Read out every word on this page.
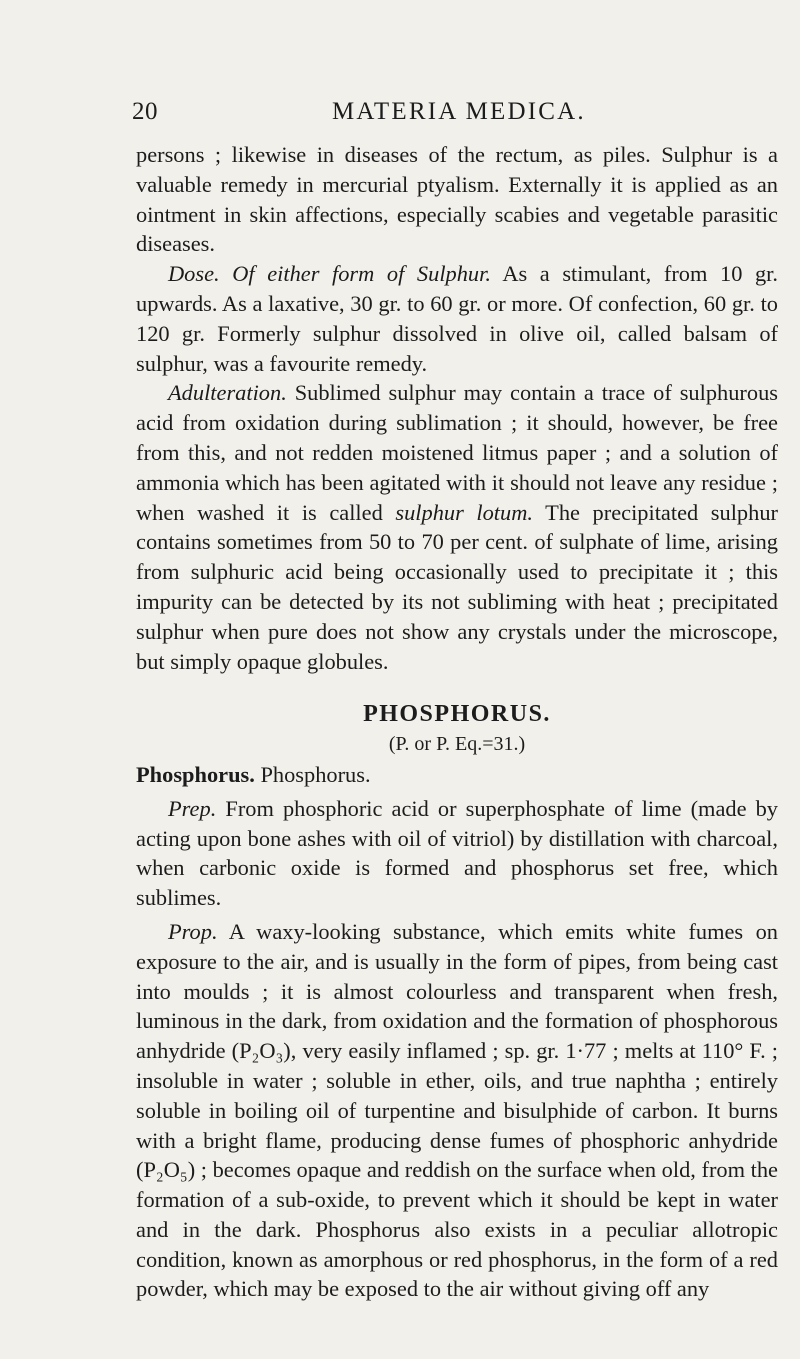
20	MATERIA MEDICA.

persons ; likewise in diseases of the rectum, as piles. Sulphur is a valuable remedy in mercurial ptyalism. Externally it is applied as an ointment in skin affections, especially scabies and vegetable parasitic diseases.

Dose. Of either form of Sulphur. As a stimulant, from 10 gr. upwards. As a laxative, 30 gr. to 60 gr. or more. Of confection, 60 gr. to 120 gr. Formerly sulphur dissolved in olive oil, called balsam of sulphur, was a favourite remedy.

Adulteration. Sublimed sulphur may contain a trace of sulphurous acid from oxidation during sublimation ; it should, however, be free from this, and not redden moistened litmus paper ; and a solution of ammonia which has been agitated with it should not leave any residue ; when washed it is called sulphur lotum. The precipitated sulphur contains sometimes from 50 to 70 per cent. of sulphate of lime, arising from sulphuric acid being occasionally used to precipitate it ; this impurity can be detected by its not subliming with heat ; precipitated sulphur when pure does not show any crystals under the microscope, but simply opaque globules.

PHOSPHORUS.

(P. or P. Eq.=31.)

Phosphorus. Phosphorus.

Prep. From phosphoric acid or superphosphate of lime (made by acting upon bone ashes with oil of vitriol) by distillation with charcoal, when carbonic oxide is formed and phosphorus set free, which sublimes.

Prop. A waxy-looking substance, which emits white fumes on exposure to the air, and is usually in the form of pipes, from being cast into moulds ; it is almost colourless and transparent when fresh, luminous in the dark, from oxidation and the formation of phosphorous anhydride (P₂O₃), very easily inflamed ; sp. gr. 1·77 ; melts at 110° F. ; insoluble in water ; soluble in ether, oils, and true naphtha ; entirely soluble in boiling oil of turpentine and bisulphide of carbon. It burns with a bright flame, producing dense fumes of phosphoric anhydride (P₂O₅) ; becomes opaque and reddish on the surface when old, from the formation of a sub-oxide, to prevent which it should be kept in water and in the dark. Phosphorus also exists in a peculiar allotropic condition, known as amorphous or red phosphorus, in the form of a red powder, which may be exposed to the air without giving off any
